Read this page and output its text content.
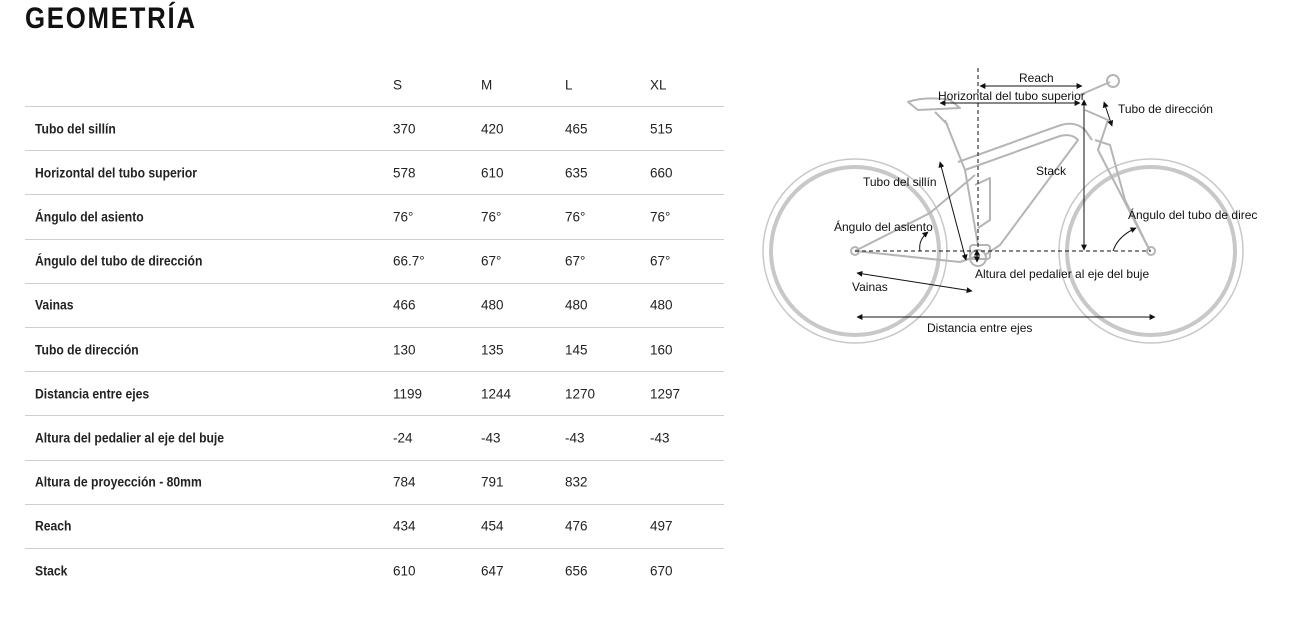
GEOMETRÍA
S	M	L	XL
Tubo del sillín	370	420	465	515
Horizontal del tubo superior	578	610	635	660
Ángulo del asiento	76°	76°	76°	76°
Ángulo del tubo de dirección	66.7°	67°	67°	67°
Vainas	466	480	480	480
Tubo de dirección	130	135	145	160
Distancia entre ejes	1199	1244	1270	1297
Altura del pedalier al eje del buje	-24	-43	-43	-43
Altura de proyección - 80mm	784	791	832
Reach	434	454	476	497
Stack	610	647	656	670
Reach
Horizontal del tubo superior
Tubo de dirección
Stack
Tubo del sillín
Ángulo del asiento
Ángulo del tubo de direc
Altura del pedalier al eje del buje
Vainas
Distancia entre ejes
